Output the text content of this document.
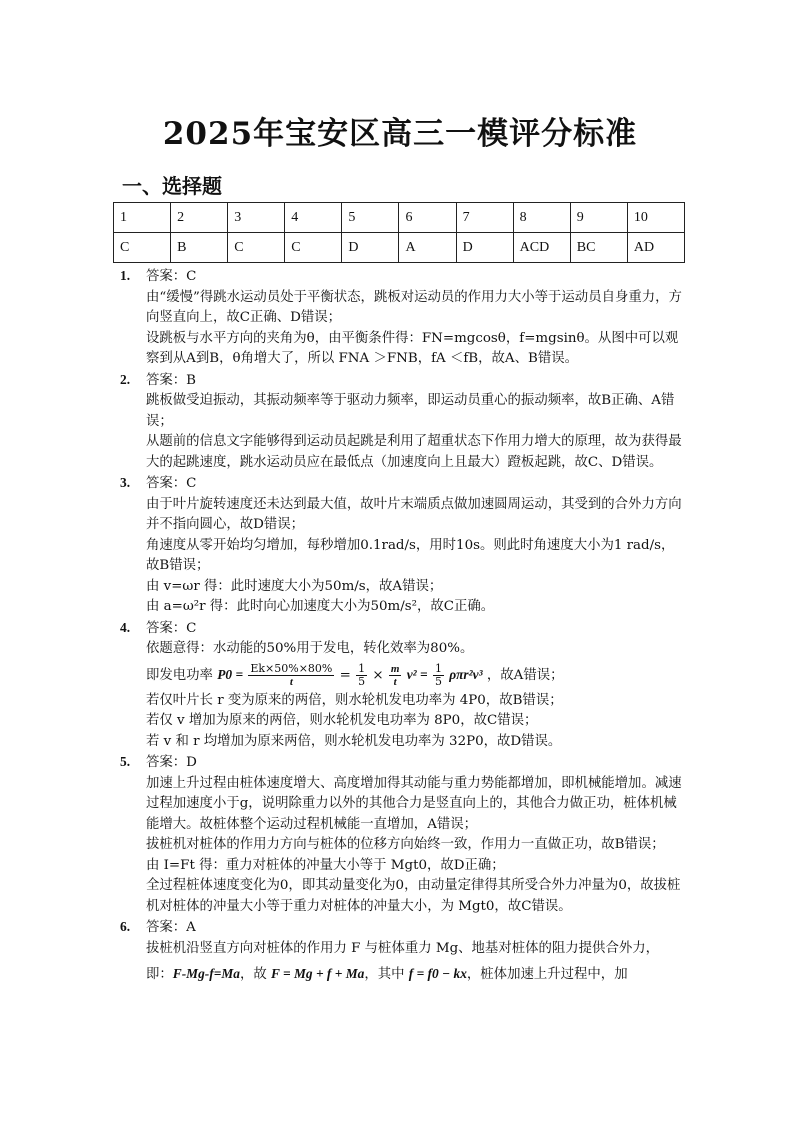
2025年宝安区高三一模评分标准
一、选择题
1	2	3	4	5	6	7	8	9	10
C	B	C	C	D	A	D	ACD	BC	AD
1. 答案：C
由“缓慢”得跳水运动员处于平衡状态，跳板对运动员的作用力大小等于运动员自身重力，方向竖直向上，故C正确、D错误；
设跳板与水平方向的夹角为θ，由平衡条件得：FN=mgcosθ，f=mgsinθ。从图中可以观察到从A到B，θ角增大了，所以 FNA ＞FNB，fA ＜fB，故A、B错误。
2. 答案：B
跳板做受迫振动，其振动频率等于驱动力频率，即运动员重心的振动频率，故B正确、A错误；
从题前的信息文字能够得到运动员起跳是利用了超重状态下作用力增大的原理，故为获得最大的起跳速度，跳水运动员应在最低点（加速度向上且最大）蹬板起跳，故C、D错误。
3. 答案：C
由于叶片旋转速度还未达到最大值，故叶片末端质点做加速圆周运动，其受到的合外力方向并不指向圆心，故D错误；
角速度从零开始均匀增加，每秒增加0.1rad/s，用时10s。则此时角速度大小为1 rad/s，故B错误；
由 v=ωr 得：此时速度大小为50m/s，故A错误；
由 a=ω²r 得：此时向心加速度大小为50m/s²，故C正确。
4. 答案：C
依题意得：水动能的50%用于发电，转化效率为80%。
即发电功率 $P0 = \frac{Ek\times 50\%\times 80\%}{t} = \frac{1}{5} \times \frac{m}{t} v^2 = \frac{1}{5} \rho\pi r^2v^3$ ，故A错误；
若仅叶片长 r 变为原来的两倍，则水轮机发电功率为 4P0，故B错误；
若仅 v 增加为原来的两倍，则水轮机发电功率为 8P0，故C错误；
若 v 和 r 均增加为原来两倍，则水轮机发电功率为 32P0，故D错误。
5. 答案：D
加速上升过程由桩体速度增大、高度增加得其动能与重力势能都增加，即机械能增加。减速过程加速度小于g，说明除重力以外的其他合力是竖直向上的，其他合力做正功，桩体机械能增大。故桩体整个运动过程机械能一直增加，A错误；
拔桩机对桩体的作用力方向与桩体的位移方向始终一致，作用力一直做正功，故B错误；
由 I=Ft 得：重力对桩体的冲量大小等于 Mgt0，故D正确；
全过程桩体速度变化为0，即其动量变化为0，由动量定律得其所受合外力冲量为0，故拔桩机对桩体的冲量大小等于重力对桩体的冲量大小，为 Mgt0，故C错误。
6. 答案：A
拔桩机沿竖直方向对桩体的作用力 F 与桩体重力 Mg、地基对桩体的阻力提供合外力，
即：F-Mg-f=Ma，故 F = Mg + f + Ma，其中 f = f0 − kx，桩体加速上升过程中，加
